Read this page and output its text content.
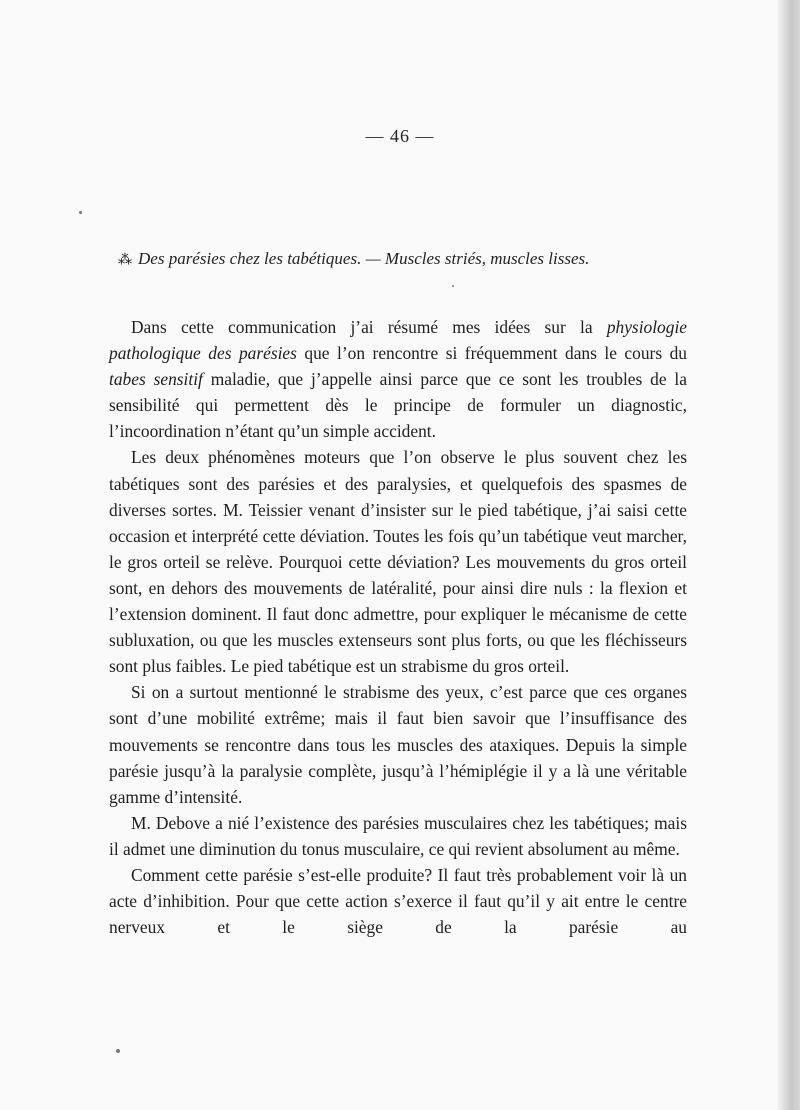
— 46 —
⁂ Des parésies chez les tabétiques. — Muscles striés, muscles lisses.

Dans cette communication j’ai résumé mes idées sur la physiologie pathologique des parésies que l’on rencontre si fréquemment dans le cours du tabes sensitif maladie, que j’appelle ainsi parce que ce sont les troubles de la sensibilité qui permettent dès le principe de formuler un diagnostic, l’incoordination n’étant qu’un simple accident.

Les deux phénomènes moteurs que l’on observe le plus souvent chez les tabétiques sont des parésies et des paralysies, et quelquefois des spasmes de diverses sortes. M. Teissier venant d’insister sur le pied tabétique, j’ai saisi cette occasion et interprété cette déviation. Toutes les fois qu’un tabétique veut marcher, le gros orteil se relève. Pourquoi cette déviation? Les mouvements du gros orteil sont, en dehors des mouvements de latéralité, pour ainsi dire nuls : la flexion et l’extension dominent. Il faut donc admettre, pour expliquer le mécanisme de cette subluxation, ou que les muscles extenseurs sont plus forts, ou que les fléchisseurs sont plus faibles. Le pied tabétique est un strabisme du gros orteil.

Si on a surtout mentionné le strabisme des yeux, c’est parce que ces organes sont d’une mobilité extrême; mais il faut bien savoir que l’insuffisance des mouvements se rencontre dans tous les muscles des ataxiques. Depuis la simple parésie jusqu’à la paralysie complète, jusqu’à l’hémiplégie il y a là une véritable gamme d’intensité.

M. Debove a nié l’existence des parésies musculaires chez les tabétiques; mais il admet une diminution du tonus musculaire, ce qui revient absolument au même.

Comment cette parésie s’est-elle produite? Il faut très probablement voir là un acte d’inhibition. Pour que cette action s’exerce il faut qu’il y ait entre le centre nerveux et le siège de la parésie au
